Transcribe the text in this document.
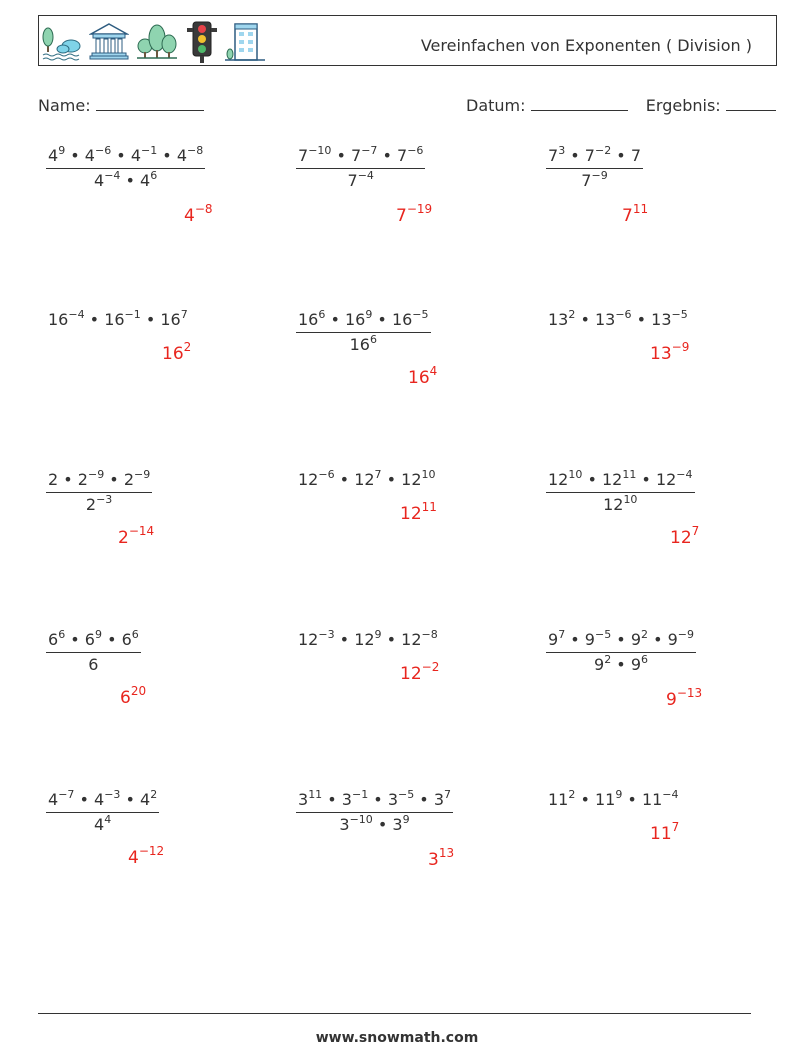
Vereinfachen von Exponenten ( Division )
Name:	Datum:	Ergebnis:
$\frac{4^9 • 4^{-6} • 4^{-1} • 4^{-8}}{4^{-4} • 4^6}$
$4^{-8}$
$\frac{7^{-10} • 7^{-7} • 7^{-6}}{7^{-4}}$
$7^{-19}$
$\frac{7^3 • 7^{-2} • 7}{7^{-9}}$
$7^{11}$
$16^{-4}$ • $16^{-1}$ • $16^7$
$16^2$	$\frac{16^6 • 16^9 • 16^{-5}}{16^6}$
$16^4$
$13^2$ • $13^{-6}$ • $13^{-5}$
$13^{-9}$
$\frac{2 • 2^{-9} • 2^{-9}}{2^{-3}}$
$2^{-14}$
$12^{-6}$ • $12^7$ • $12^{10}$
$12^{11}$	$\frac{12^{10} • 12^{11} • 12^{-4}}{12^{10}}$
$12^7$
$\frac{6^6 • 6^9 • 6^6}{6}$
$6^{20}$
$12^{-3}$ • $12^9$ • $12^{-8}$
$12^{-2}$	$\frac{9^7 • 9^{-5} • 9^2 • 9^{-9}}{9^2 • 9^6}$
$9^{-13}$
$\frac{4^{-7} • 4^{-3} • 4^2}{4^4}$
$4^{-12}$
$\frac{3^{11} • 3^{-1} • 3^{-5} • 3^7}{3^{-10} • 3^9}$
$3^{13}$
$11^2$ • $11^9$ • $11^{-4}$
$11^7$
www.snowmath.com
